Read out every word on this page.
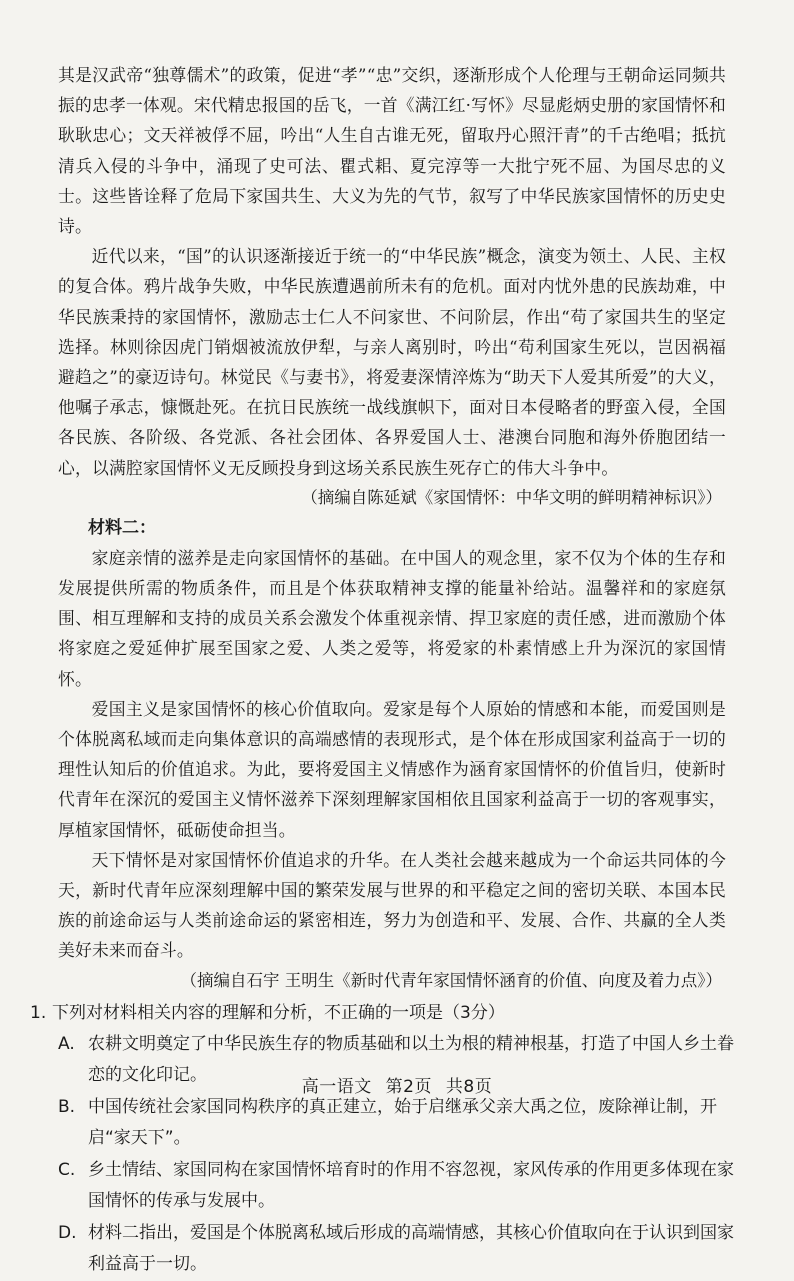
其是汉武帝“独尊儒术”的政策，促进“孝”“忠”交织，逐渐形成个人伦理与王朝命运同频共振的忠孝一体观。宋代精忠报国的岳飞，一首《满江红·写怀》尽显彪炳史册的家国情怀和耿耿忠心；文天祥被俘不屈，吟出“人生自古谁无死，留取丹心照汗青”的千古绝唱；抵抗清兵入侵的斗争中，涌现了史可法、瞿式耜、夏完淳等一大批宁死不屈、为国尽忠的义士。这些皆诠释了危局下家国共生、大义为先的气节，叙写了中华民族家国情怀的历史史诗。

近代以来，“国”的认识逐渐接近于统一的“中华民族”概念，演变为领土、人民、主权的复合体。鸦片战争失败，中华民族遭遇前所未有的危机。面对内忧外患的民族劫难，中华民族秉持的家国情怀，激励志士仁人不问家世、不问阶层，作出“苟了家国共生的坚定选择。林则徐因虎门销烟被流放伊犁，与亲人离别时，吟出“苟利国家生死以，岂因祸福避趋之”的豪迈诗句。林觉民《与妻书》，将爱妻深情淬炼为“助天下人爱其所爱”的大义，他嘱子承志，慷慨赴死。在抗日民族统一战线旗帜下，面对日本侵略者的野蛮入侵，全国各民族、各阶级、各党派、各社会团体、各界爱国人士、港澳台同胞和海外侨胞团结一心，以满腔家国情怀义无反顾投身到这场关系民族生死存亡的伟大斗争中。

（摘编自陈延斌《家国情怀：中华文明的鲜明精神标识》）

材料二：

家庭亲情的滋养是走向家国情怀的基础。在中国人的观念里，家不仅为个体的生存和发展提供所需的物质条件，而且是个体获取精神支撑的能量补给站。温馨祥和的家庭氛围、相互理解和支持的成员关系会激发个体重视亲情、捍卫家庭的责任感，进而激励个体将家庭之爱延伸扩展至国家之爱、人类之爱等，将爱家的朴素情感上升为深沉的家国情怀。

爱国主义是家国情怀的核心价值取向。爱家是每个人原始的情感和本能，而爱国则是个体脱离私域而走向集体意识的高端感情的表现形式，是个体在形成国家利益高于一切的理性认知后的价值追求。为此，要将爱国主义情感作为涵育家国情怀的价值旨归，使新时代青年在深沉的爱国主义情怀滋养下深刻理解家国相依且国家利益高于一切的客观事实，厚植家国情怀，砥砺使命担当。

天下情怀是对家国情怀价值追求的升华。在人类社会越来越成为一个命运共同体的今天，新时代青年应深刻理解中国的繁荣发展与世界的和平稳定之间的密切关联、本国本民族的前途命运与人类前途命运的紧密相连，努力为创造和平、发展、合作、共赢的全人类美好未来而奋斗。

（摘编自石宇 王明生《新时代青年家国情怀涵育的价值、向度及着力点》）

1. 下列对材料相关内容的理解和分析，不正确的一项是（3分）

A. 农耕文明奠定了中华民族生存的物质基础和以土为根的精神根基，打造了中国人乡土眷恋的文化印记。

B. 中国传统社会家国同构秩序的真正建立，始于启继承父亲大禹之位，废除禅让制，开启“家天下”。

C. 乡土情结、家国同构在家国情怀培育时的作用不容忽视，家风传承的作用更多体现在家国情怀的传承与发展中。

D. 材料二指出，爱国是个体脱离私域后形成的高端情感，其核心价值取向在于认识到国家利益高于一切。

高一语文 第2页 共8页
